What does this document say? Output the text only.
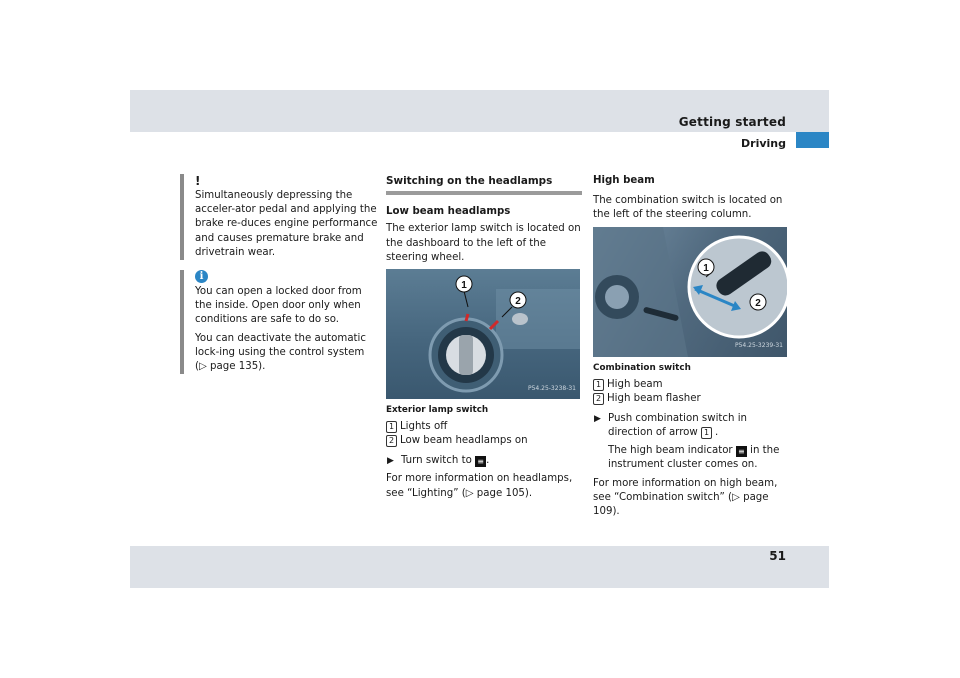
Getting started
Driving
51
!

Simultaneously depressing the acceler-ator pedal and applying the brake re-duces engine performance and causes premature brake and drivetrain wear.

i

You can open a locked door from the inside. Open door only when conditions are safe to do so.

You can deactivate the automatic lock-ing using the control system
(▷ page 135).

Switching on the headlamps
Low beam headlamps

The exterior lamp switch is located on the dashboard to the left of the steering wheel.

1
2
P54.25-3238-31
Exterior lamp switch
1 Lights off
2 Low beam headlamps on
▶ Turn switch to ≡ .

For more information on headlamps, see “Lighting” (▷ page 105).

High beam

The combination switch is located on the left of the steering column.

1
2
P54.25-3239-31
Combination switch
1 High beam
2 High beam flasher
▶ Push combination switch in direction of arrow 1 .
The high beam indicator ≡ in the instrument cluster comes on.

For more information on high beam, see “Combination switch” (▷ page 109).
